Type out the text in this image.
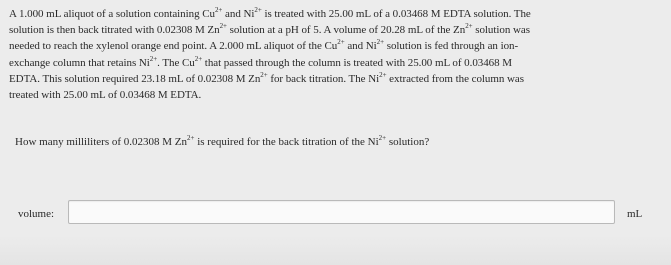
A 1.000 mL aliquot of a solution containing $Cu^{2+}$ and $Ni^{2+}$ is treated with 25.00 mL of a 0.03468 M EDTA solution. The
solution is then back titrated with 0.02308 M $Zn^{2+}$ solution at a pH of 5. A volume of 20.28 mL of the $Zn^{2+}$ solution was
needed to reach the xylenol orange end point. A 2.000 mL aliquot of the $Cu^{2+}$ and $Ni^{2+}$ solution is fed through an ion-
exchange column that retains $Ni^{2+}$. The $Cu^{2+}$ that passed through the column is treated with 25.00 mL of 0.03468 M
EDTA. This solution required 23.18 mL of 0.02308 M $Zn^{2+}$ for back titration. The $Ni^{2+}$ extracted from the column was
treated with 25.00 mL of 0.03468 M EDTA.

How many milliliters of 0.02308 M $Zn^{2+}$ is required for the back titration of the $Ni^{2+}$ solution?
volume:	mL
